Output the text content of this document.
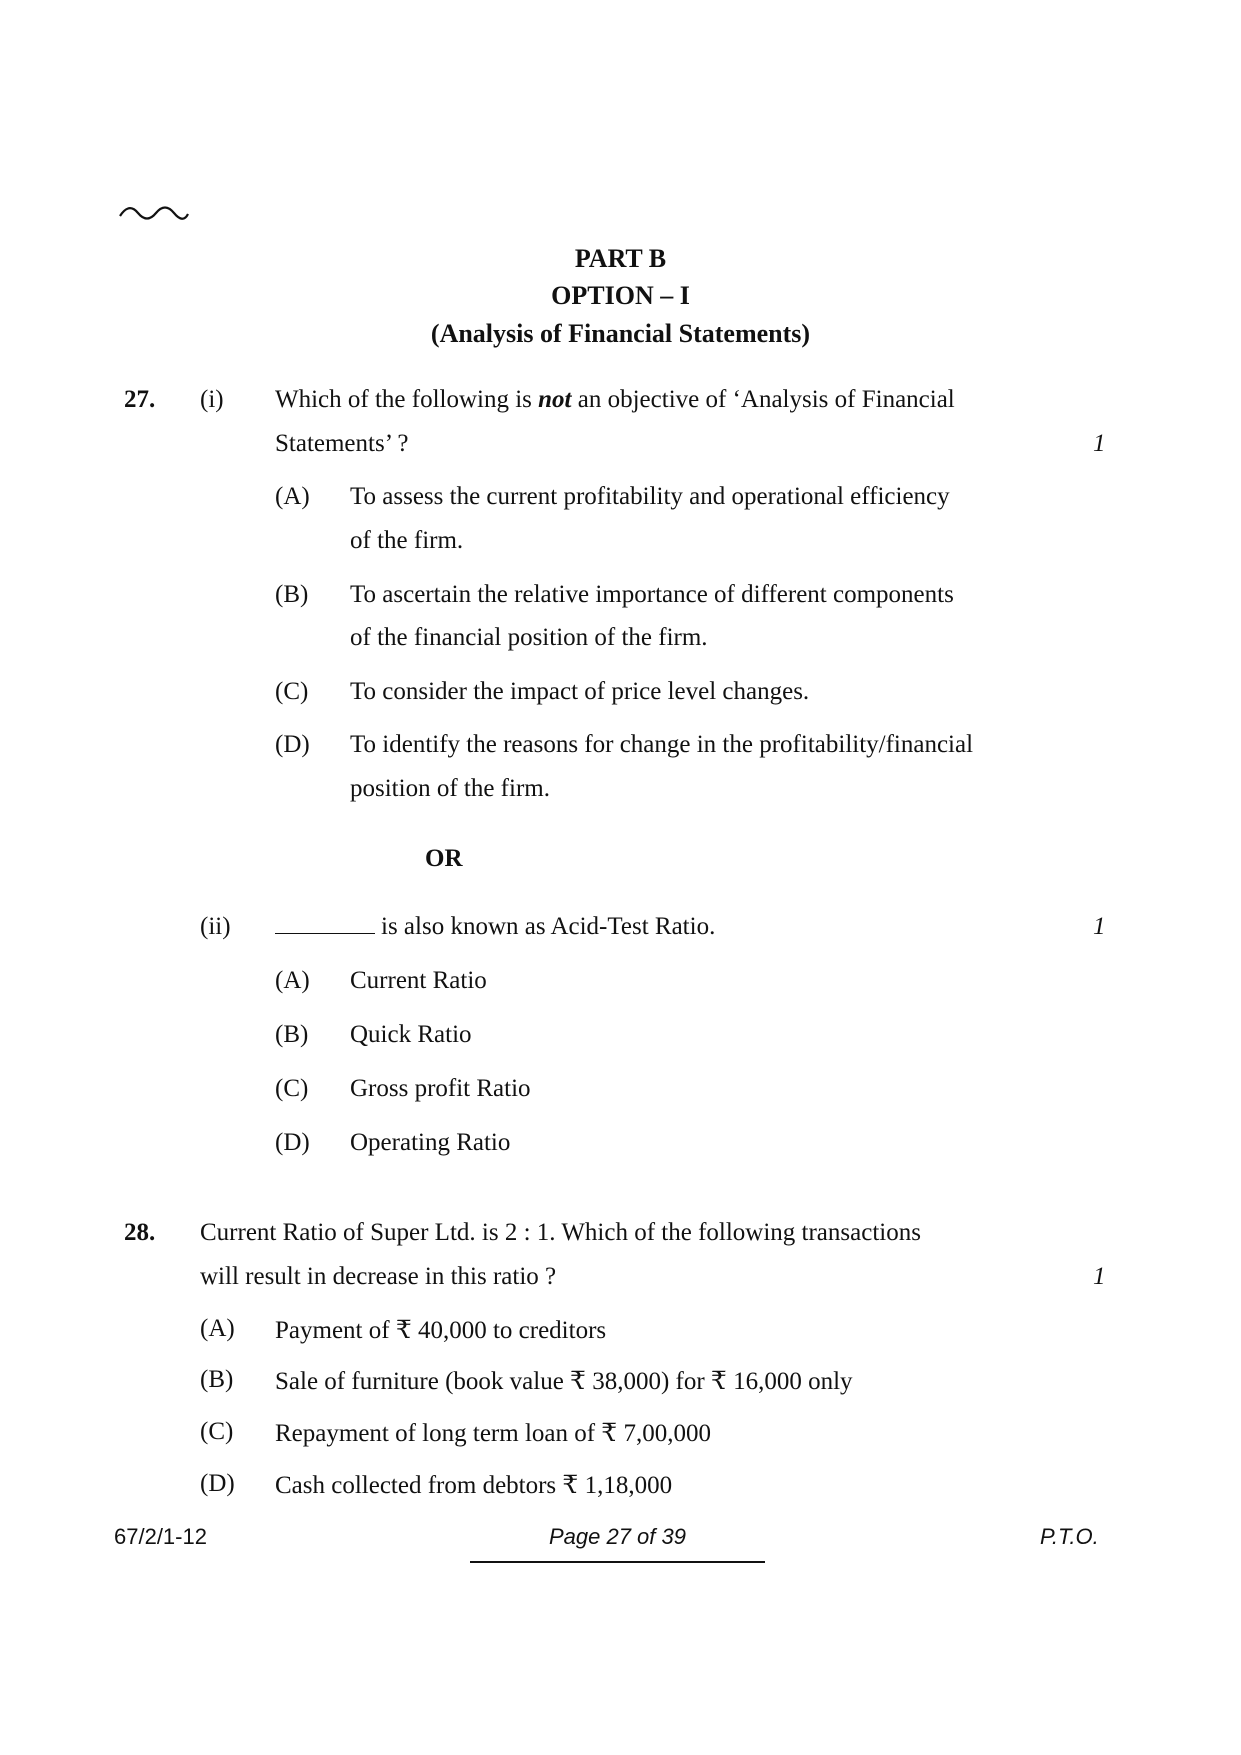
PART B
OPTION – I
(Analysis of Financial Statements)
27. (i) Which of the following is not an objective of ‘Analysis of Financial
Statements’ ?	1
(A) To assess the current profitability and operational efficiency
of the firm.
(B) To ascertain the relative importance of different components
of the financial position of the firm.
(C) To consider the impact of price level changes.
(D) To identify the reasons for change in the profitability/financial
position of the firm.
OR
(ii)	is also known as Acid-Test Ratio.	1
(A) Current Ratio
(B) Quick Ratio
(C) Gross profit Ratio
(D) Operating Ratio
28. Current Ratio of Super Ltd. is 2 : 1. Which of the following transactions
will result in decrease in this ratio ?	1
(A) Payment of ₹ 40,000 to creditors
(B) Sale of furniture (book value ₹ 38,000) for ₹ 16,000 only
(C) Repayment of long term loan of ₹ 7,00,000
(D) Cash collected from debtors ₹ 1,18,000
67/2/1-12	Page 27 of 39	P.T.O.
